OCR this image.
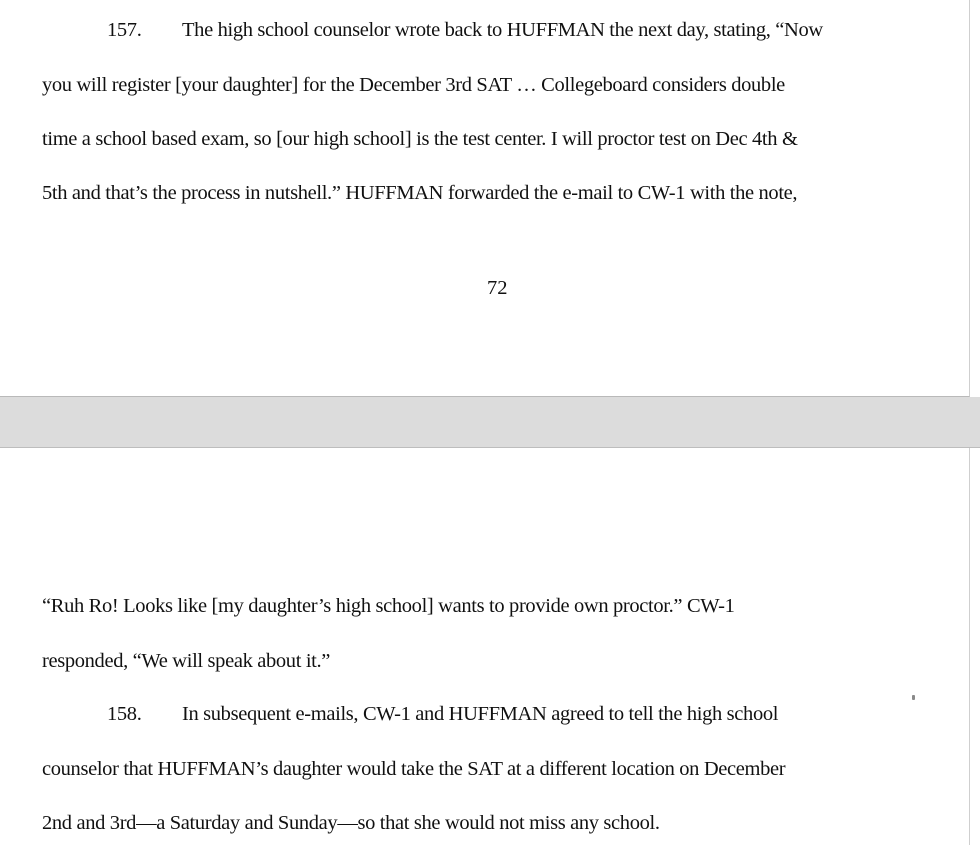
157. The high school counselor wrote back to HUFFMAN the next day, stating, “Now
you will register [your daughter] for the December 3rd SAT … Collegeboard considers double
time a school based exam, so [our high school] is the test center. I will proctor test on Dec 4th &
5th and that’s the process in nutshell.” HUFFMAN forwarded the e-mail to CW-1 with the note,
72
“Ruh Ro! Looks like [my daughter’s high school] wants to provide own proctor.” CW-1
responded, “We will speak about it.”
158. In subsequent e-mails, CW-1 and HUFFMAN agreed to tell the high school
counselor that HUFFMAN’s daughter would take the SAT at a different location on December
2nd and 3rd—a Saturday and Sunday—so that she would not miss any school.
